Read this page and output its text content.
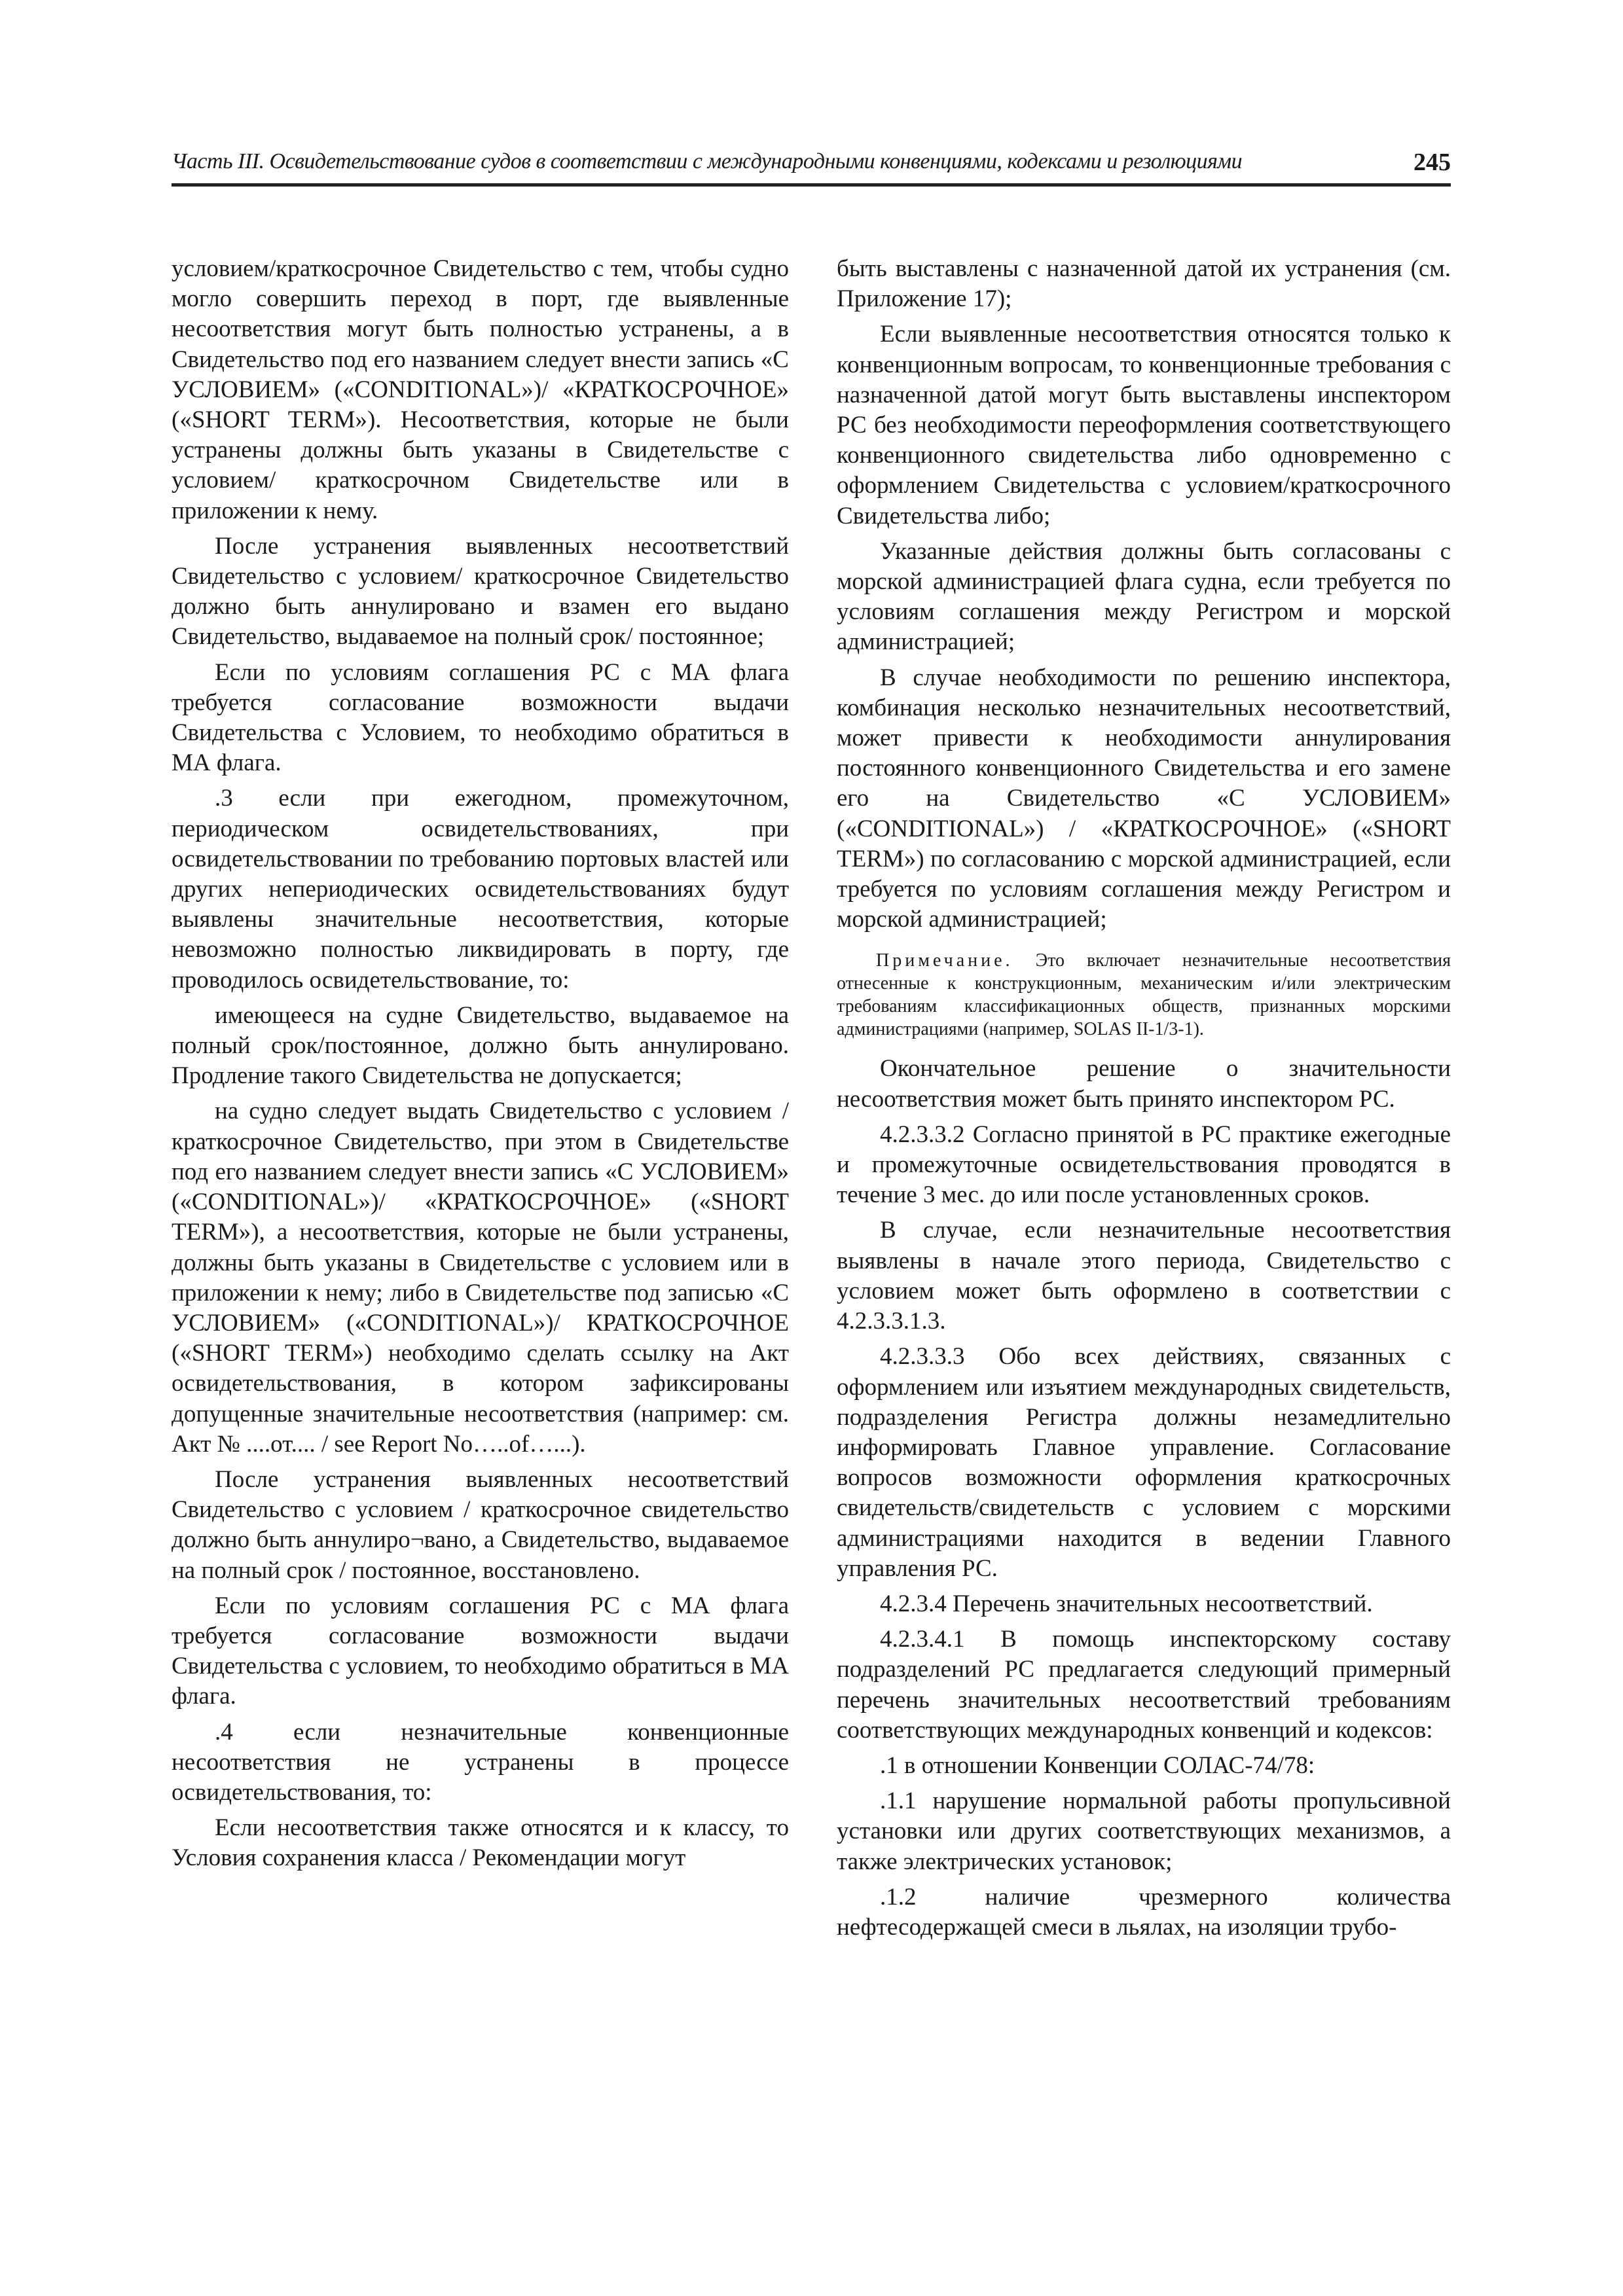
Часть III. Освидетельствование судов в соответствии с международными конвенциями, кодексами и резолюциями	245

условием/краткосрочное Свидетельство с тем, чтобы судно могло совершить переход в порт, где выявленные несоответствия могут быть полностью устранены, а в Свидетельство под его названием следует внести запись «С УСЛОВИЕМ» («CONDITIONAL»)/ «КРАТКОСРОЧНОЕ» («SHORT TERM»). Несоответствия, которые не были устранены должны быть указаны в Свидетельстве с условием/ краткосрочном Свидетельстве или в приложении к нему.

После устранения выявленных несоответствий Свидетельство с условием/ краткосрочное Свидетельство должно быть аннулировано и взамен его выдано Свидетельство, выдаваемое на полный срок/ постоянное;

Если по условиям соглашения РС с МА флага требуется согласование возможности выдачи Свидетельства с Условием, то необходимо обратиться в МА флага.

.3 если при ежегодном, промежуточном, периодическом освидетельствованиях, при освидетельствовании по требованию портовых властей или других непериодических освидетельствованиях будут выявлены значительные несоответствия, которые невозможно полностью ликвидировать в порту, где проводилось освидетельствование, то:

имеющееся на судне Свидетельство, выдаваемое на полный срок/постоянное, должно быть аннулировано. Продление такого Свидетельства не допускается;

на судно следует выдать Свидетельство с условием / краткосрочное Свидетельство, при этом в Свидетельстве под его названием следует внести запись «С УСЛОВИЕМ» («CONDITIONAL»)/ «КРАТКОСРОЧНОЕ» («SHORT TERM»), а несоответствия, которые не были устранены, должны быть указаны в Свидетельстве с условием или в приложении к нему; либо в Свидетельстве под записью «С УСЛОВИЕМ» («CONDITIONAL»)/ КРАТКОСРОЧНОЕ («SHORT TERM») необходимо сделать ссылку на Акт освидетельствования, в котором зафиксированы допущенные значительные несоответствия (например: см. Акт № ....от.... / see Report No…..of…...).

После устранения выявленных несоответствий Свидетельство с условием / краткосрочное свидетельство должно быть аннулиро¬вано, а Свидетельство, выдаваемое на полный срок / постоянное, восстановлено.

Если по условиям соглашения РС с МА флага требуется согласование возможности выдачи Свидетельства с условием, то необходимо обратиться в МА флага.

.4 если незначительные конвенционные несоответствия не устранены в процессе освидетельствования, то:

Если несоответствия также относятся и к классу, то Условия сохранения класса / Рекомендации могут

быть выставлены с назначенной датой их устранения (см. Приложение 17);

Если выявленные несоответствия относятся только к конвенционным вопросам, то конвенционные требования с назначенной датой могут быть выставлены инспектором РС без необходимости переоформления соответствующего конвенционного свидетельства либо одновременно с оформлением Свидетельства с условием/краткосрочного Свидетельства либо;

Указанные действия должны быть согласованы с морской администрацией флага судна, если требуется по условиям соглашения между Регистром и морской администрацией;

В случае необходимости по решению инспектора, комбинация несколько незначительных несоответствий, может привести к необходимости аннулирования постоянного конвенционного Свидетельства и его замене его на Свидетельство «С УСЛОВИЕМ» («CONDITIONAL») / «КРАТКОСРОЧНОЕ» («SHORT TERM») по согласованию с морской администрацией, если требуется по условиям соглашения между Регистром и морской администрацией;

Примечание. Это включает незначительные несоответствия отнесенные к конструкционным, механическим и/или электрическим требованиям классификационных обществ, признанных морскими администрациями (например, SOLAS II-1/3-1).

Окончательное решение о значительности несоответствия может быть принято инспектором РС.

4.2.3.3.2 Согласно принятой в РС практике ежегодные и промежуточные освидетельствования проводятся в течение 3 мес. до или после установленных сроков.

В случае, если незначительные несоответствия выявлены в начале этого периода, Свидетельство с условием может быть оформлено в соответствии с 4.2.3.3.1.3.

4.2.3.3.3 Обо всех действиях, связанных с оформлением или изъятием международных свидетельств, подразделения Регистра должны незамедлительно информировать Главное управление. Согласование вопросов возможности оформления краткосрочных свидетельств/свидетельств с условием с морскими администрациями находится в ведении Главного управления РС.

4.2.3.4 Перечень значительных несоответствий.

4.2.3.4.1 В помощь инспекторскому составу подразделений РС предлагается следующий примерный перечень значительных несоответствий требованиям соответствующих международных конвенций и кодексов:

.1 в отношении Конвенции СОЛАС-74/78:

.1.1 нарушение нормальной работы пропульсивной установки или других соответствующих механизмов, а также электрических установок;

.1.2 наличие чрезмерного количества нефтесодержащей смеси в льялах, на изоляции трубо-
